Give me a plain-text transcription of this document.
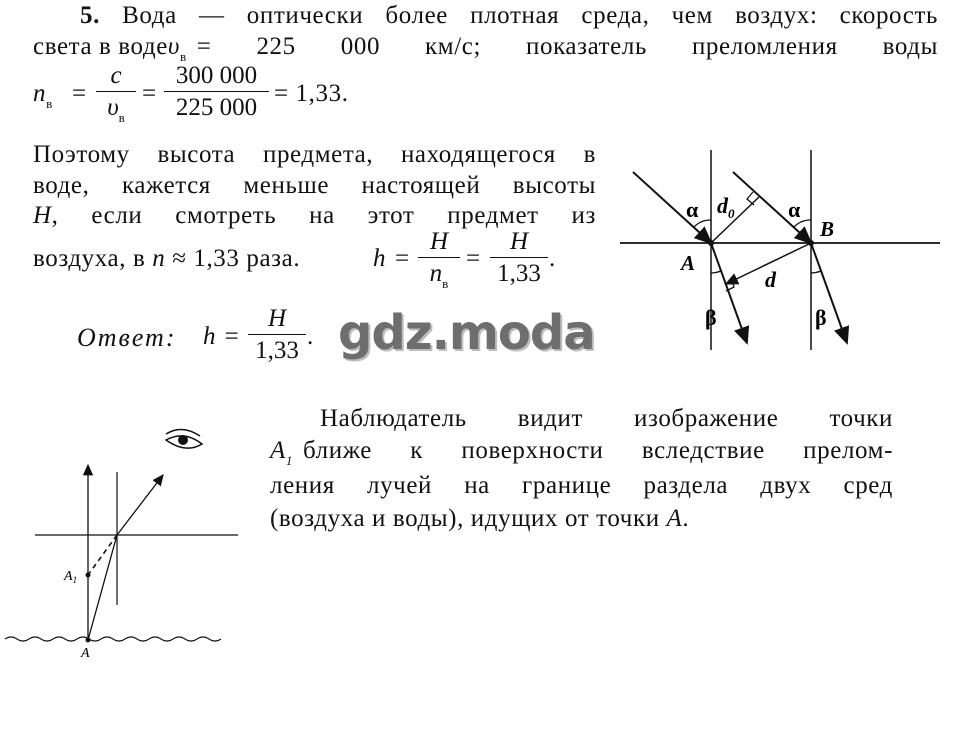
5. Вода — оптически более плотная среда, чем воздух: скорость
света в воде $\upsilon_в = 225$ 000 км/с; показатель преломления воды
$n_в$ =
c
$\upsilon_в$
=
300 000
225 000
= 1,33.
Поэтому высота предмета, находящегося в
воде, кажется меньше настоящей высоты
H , если смотреть на этот предмет из
воздуха, в n ≈ 1,33 раза.	h =
H
$n_в$
=
H
1,33
.
Ответ: h =
H
1,33
. gdz.moda
Наблюдатель видит изображение точки
$A_1$ ближе к поверхности вследствие прелом-
ления лучей на границе раздела двух сред
(воздуха и воды), идущих от точки A.
α	α
$d_0$
B
A
d
β	β
$A_1$
A
